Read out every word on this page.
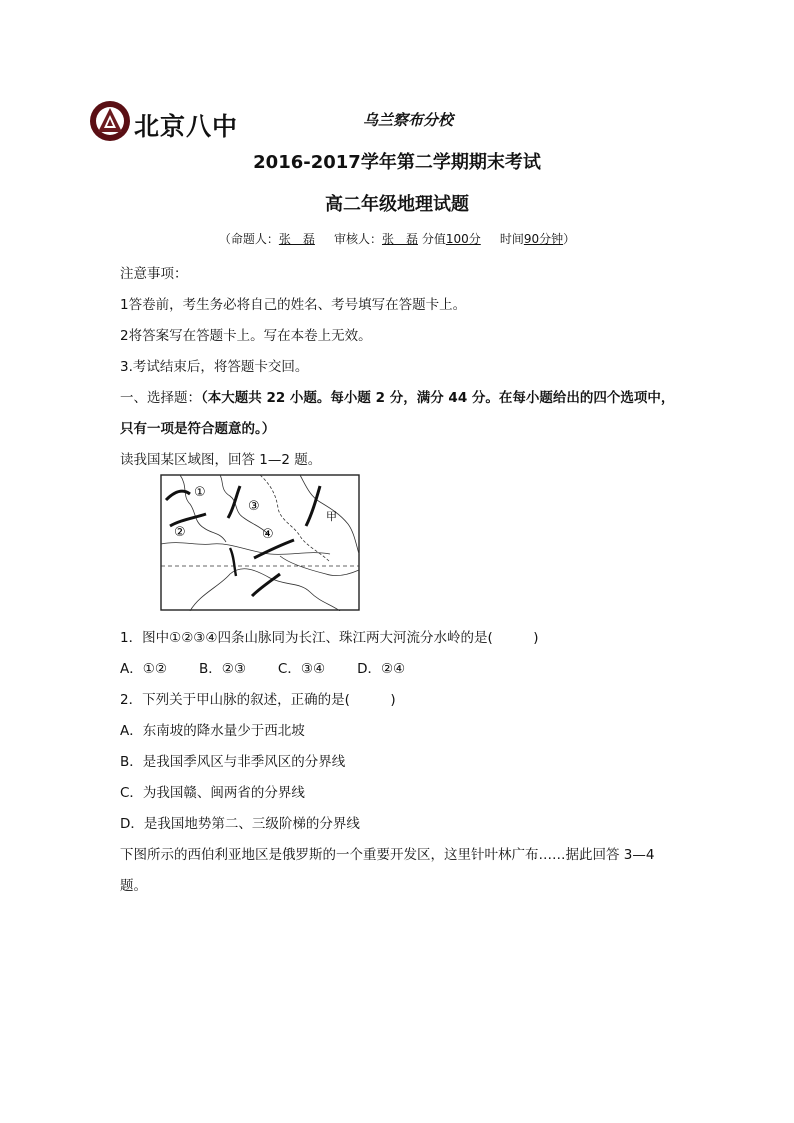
北京八中	乌兰察布分校
2016-2017学年第二学期期末考试
高二年级地理试题
（命题人：张　磊 审核人：张　磊 分值100分 时间90分钟）
注意事项：
1答卷前，考生务必将自己的姓名、考号填写在答题卡上。
2将答案写在答题卡上。写在本卷上无效。
3.考试结束后，将答题卡交回。
一、选择题：（本大题共 22 小题。每小题 2 分，满分 44 分。在每小题给出的四个选项中，
只有一项是符合题意的。）
读我国某区域图，回答 1—2 题。
①
②
③
④
甲
1．图中①②③④四条山脉同为长江、珠江两大河流分水岭的是(　　　)
A．①② B．②③ C．③④ D．②④
2．下列关于甲山脉的叙述，正确的是(　　　)
A．东南坡的降水量少于西北坡
B．是我国季风区与非季风区的分界线
C．为我国赣、闽两省的分界线
D．是我国地势第二、三级阶梯的分界线
下图所示的西伯利亚地区是俄罗斯的一个重要开发区，这里针叶林广布……据此回答 3—4
题。
